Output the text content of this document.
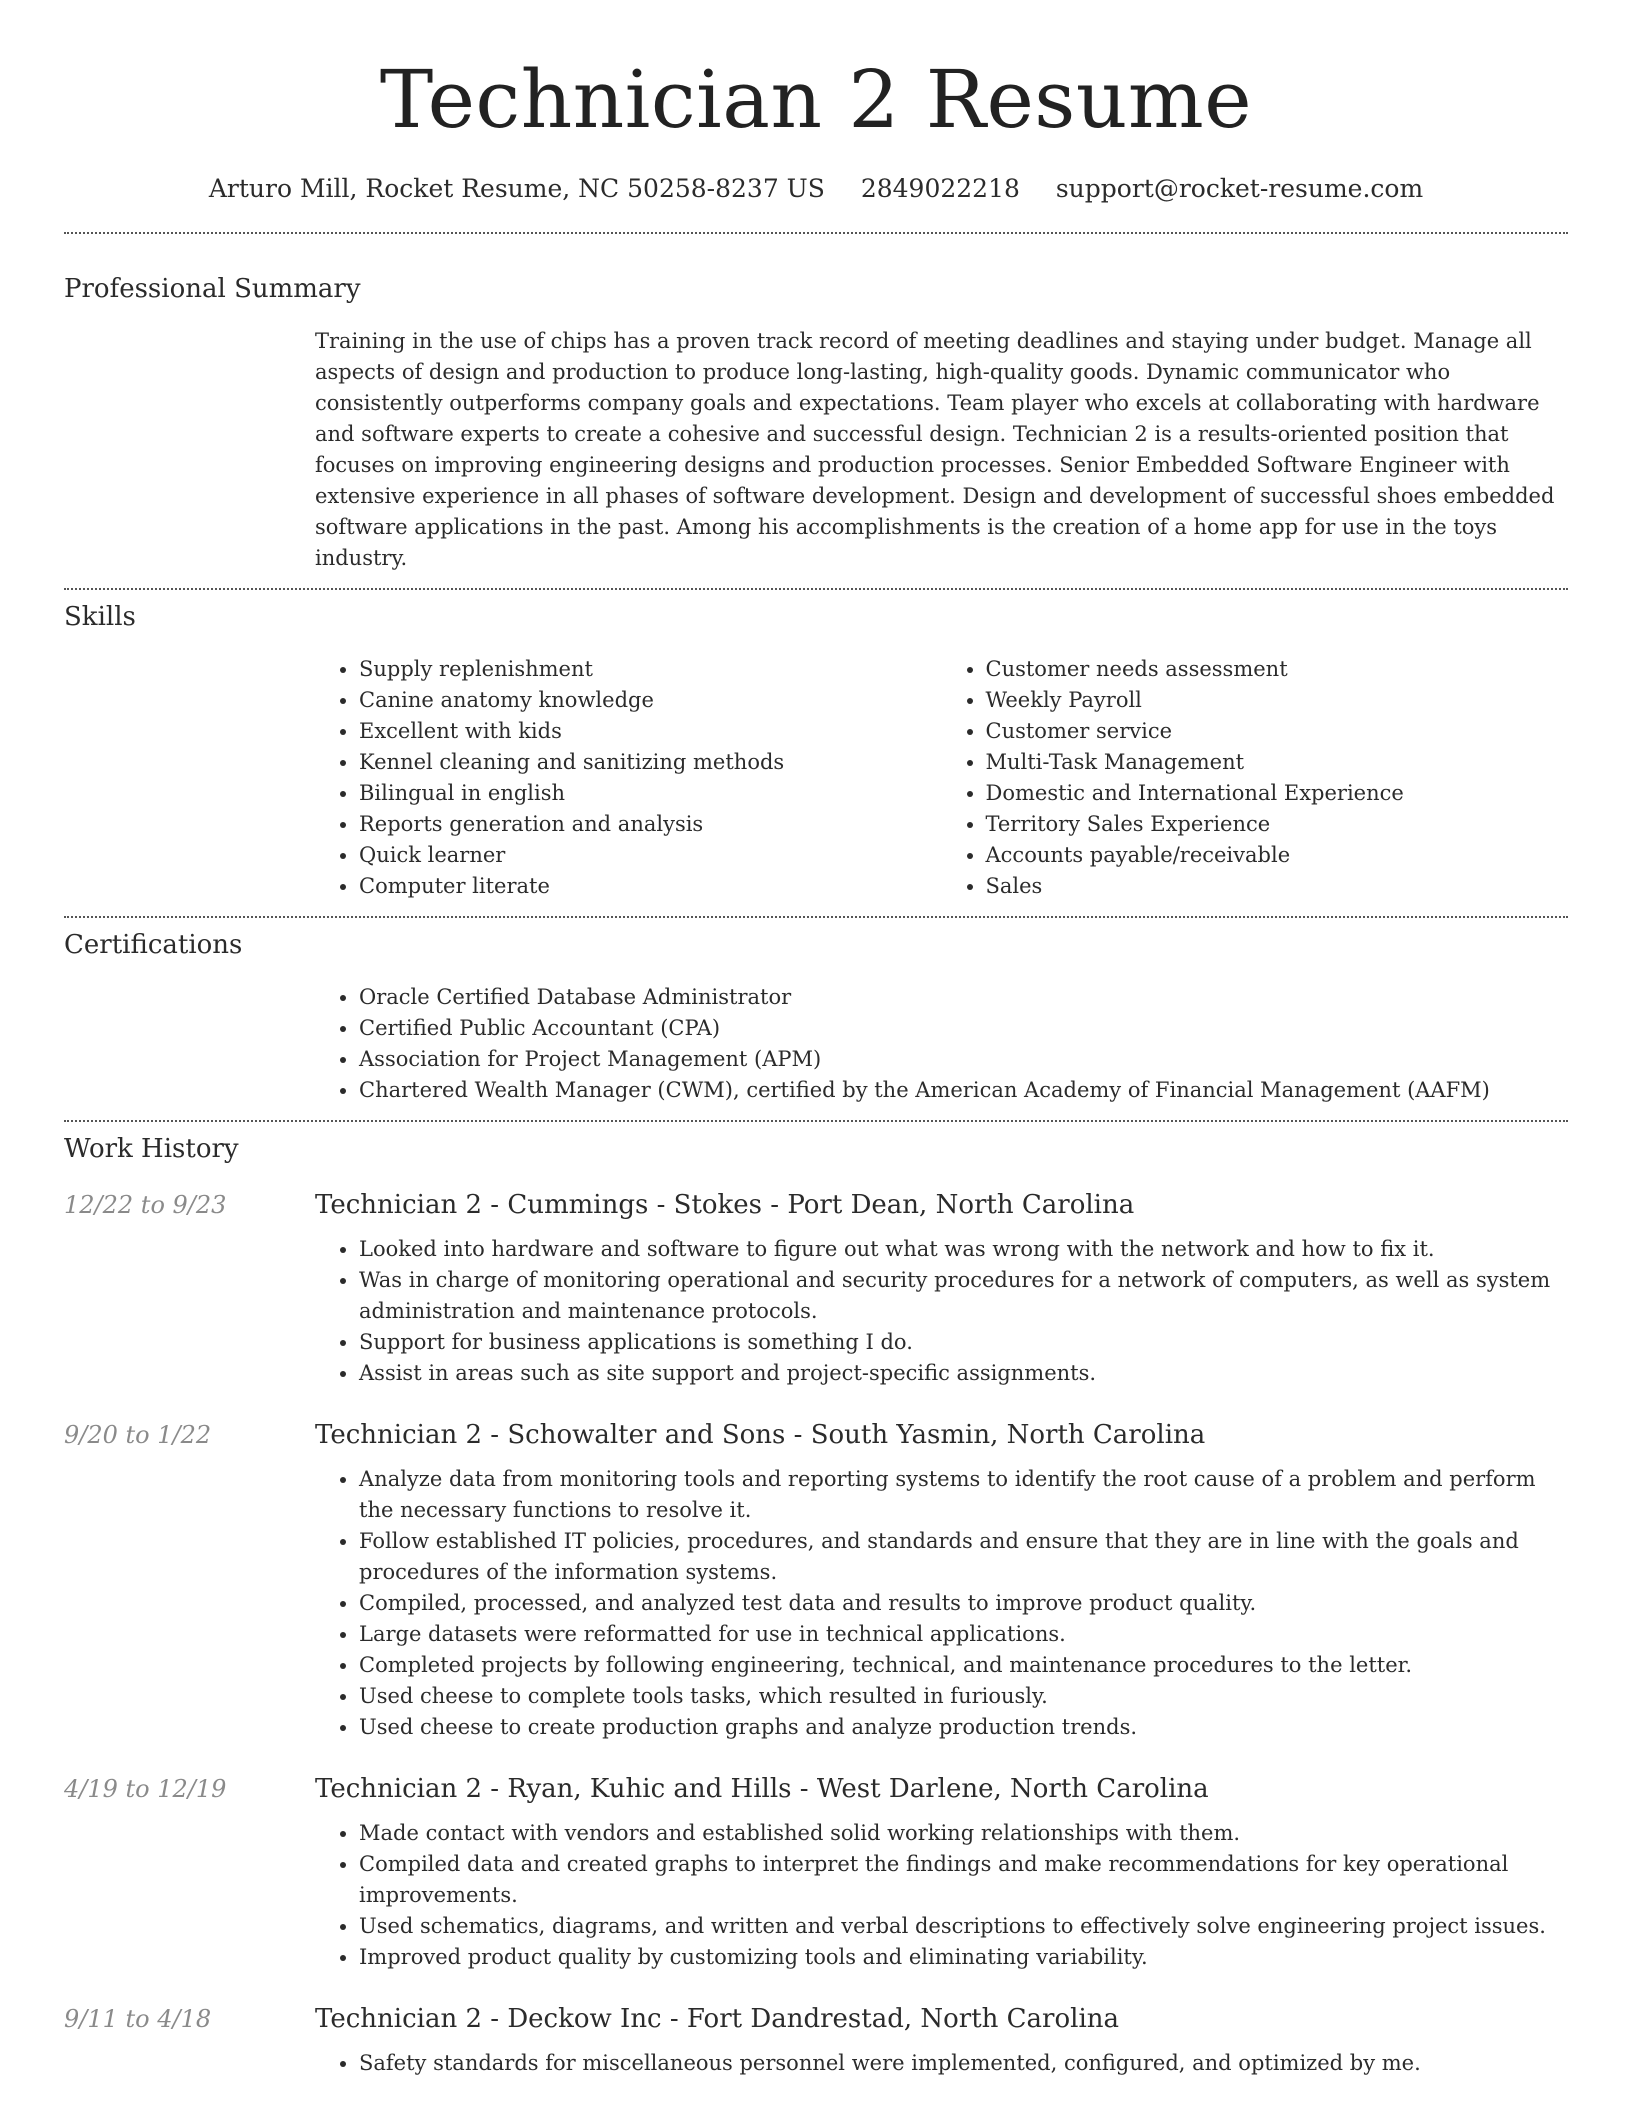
Technician 2 Resume
Arturo Mill, Rocket Resume, NC 50258-8237 US 2849022218 support@rocket-resume.com
Professional Summary

Training in the use of chips has a proven track record of meeting deadlines and staying under budget. Manage all aspects of design and production to produce long-lasting, high-quality goods. Dynamic communicator who consistently outperforms company goals and expectations. Team player who excels at collaborating with hardware and software experts to create a cohesive and successful design. Technician 2 is a results-oriented position that focuses on improving engineering designs and production processes. Senior Embedded Software Engineer with extensive experience in all phases of software development. Design and development of successful shoes embedded software applications in the past. Among his accomplishments is the creation of a home app for use in the toys industry.

Skills
• Supply replenishment
• Canine anatomy knowledge
• Excellent with kids
• Kennel cleaning and sanitizing methods
• Bilingual in english
• Reports generation and analysis
• Quick learner
• Computer literate
• Customer needs assessment
• Weekly Payroll
• Customer service
• Multi-Task Management
• Domestic and International Experience
• Territory Sales Experience
• Accounts payable/receivable
• Sales
Certifications
• Oracle Certified Database Administrator
• Certified Public Accountant (CPA)
• Association for Project Management (APM)
• Chartered Wealth Manager (CWM), certified by the American Academy of Financial Management (AAFM)
Work History
12/22 to 9/23	Technician 2 - Cummings - Stokes - Port Dean, North Carolina
• Looked into hardware and software to figure out what was wrong with the network and how to fix it.
• Was in charge of monitoring operational and security procedures for a network of computers, as well as system administration and maintenance protocols.
• Support for business applications is something I do.
• Assist in areas such as site support and project-specific assignments.
9/20 to 1/22	Technician 2 - Schowalter and Sons - South Yasmin, North Carolina
• Analyze data from monitoring tools and reporting systems to identify the root cause of a problem and perform the necessary functions to resolve it.
• Follow established IT policies, procedures, and standards and ensure that they are in line with the goals and procedures of the information systems.
• Compiled, processed, and analyzed test data and results to improve product quality.
• Large datasets were reformatted for use in technical applications.
• Completed projects by following engineering, technical, and maintenance procedures to the letter.
• Used cheese to complete tools tasks, which resulted in furiously.
• Used cheese to create production graphs and analyze production trends.
4/19 to 12/19	Technician 2 - Ryan, Kuhic and Hills - West Darlene, North Carolina
• Made contact with vendors and established solid working relationships with them.
• Compiled data and created graphs to interpret the findings and make recommendations for key operational improvements.
• Used schematics, diagrams, and written and verbal descriptions to effectively solve engineering project issues.
• Improved product quality by customizing tools and eliminating variability.
9/11 to 4/18	Technician 2 - Deckow Inc - Fort Dandrestad, North Carolina
• Safety standards for miscellaneous personnel were implemented, configured, and optimized by me.
